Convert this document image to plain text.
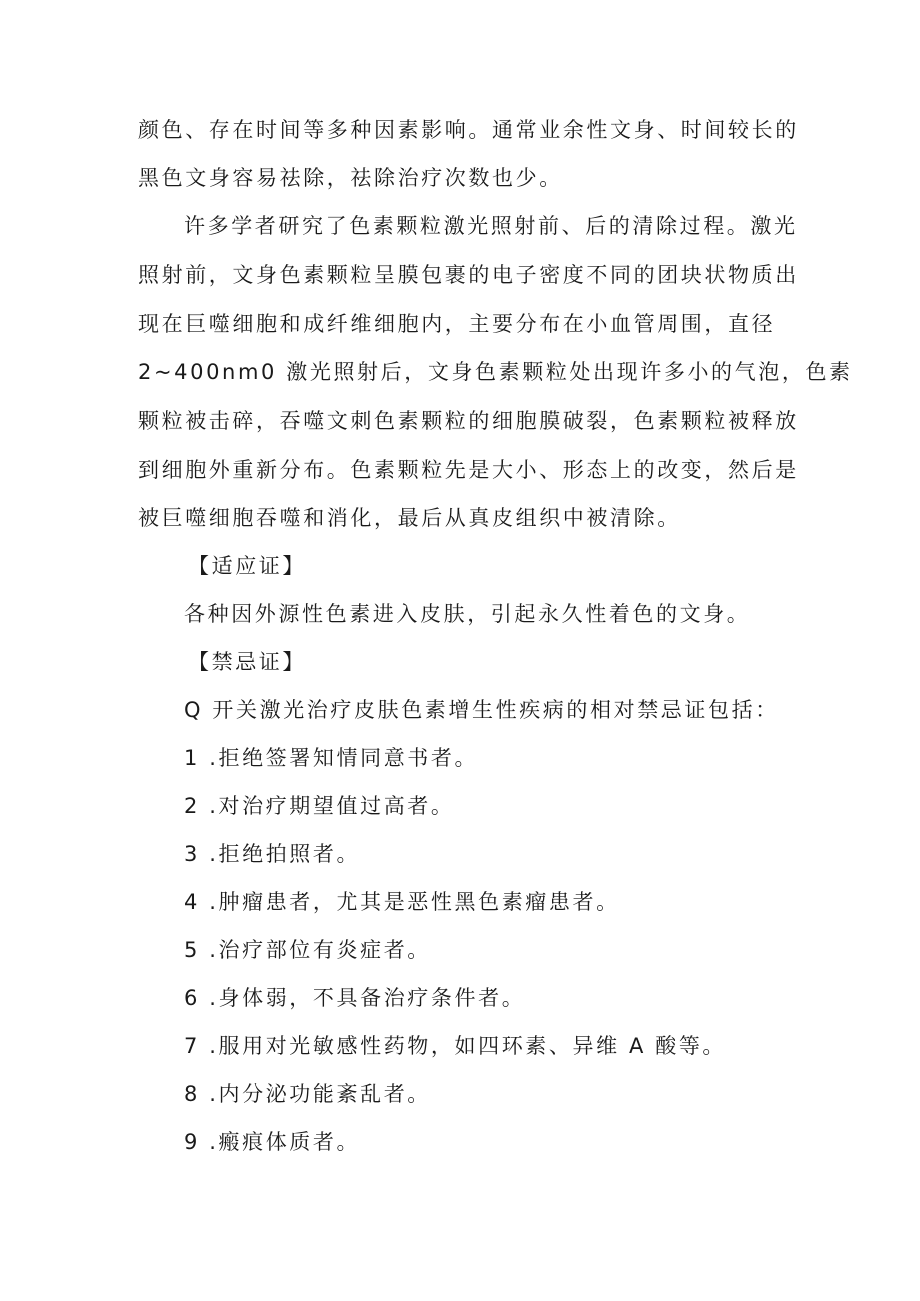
颜色、存在时间等多种因素影响。通常业余性文身、时间较长的
黑色文身容易祛除，祛除治疗次数也少。
许多学者研究了色素颗粒激光照射前、后的清除过程。激光
照射前，文身色素颗粒呈膜包裹的电子密度不同的团块状物质出
现在巨噬细胞和成纤维细胞内，主要分布在小血管周围，直径
2~400nm0 激光照射后，文身色素颗粒处出现许多小的气泡，色素
颗粒被击碎，吞噬文刺色素颗粒的细胞膜破裂，色素颗粒被释放
到细胞外重新分布。色素颗粒先是大小、形态上的改变，然后是
被巨噬细胞吞噬和消化，最后从真皮组织中被清除。
【适应证】
各种因外源性色素进入皮肤，引起永久性着色的文身。
【禁忌证】
Q 开关激光治疗皮肤色素增生性疾病的相对禁忌证包括：
1 .拒绝签署知情同意书者。
2 .对治疗期望值过高者。
3 .拒绝拍照者。
4 .肿瘤患者，尤其是恶性黑色素瘤患者。
5 .治疗部位有炎症者。
6 .身体弱，不具备治疗条件者。
7 .服用对光敏感性药物，如四环素、异维 A 酸等。
8 .内分泌功能紊乱者。
9 .瘢痕体质者。
